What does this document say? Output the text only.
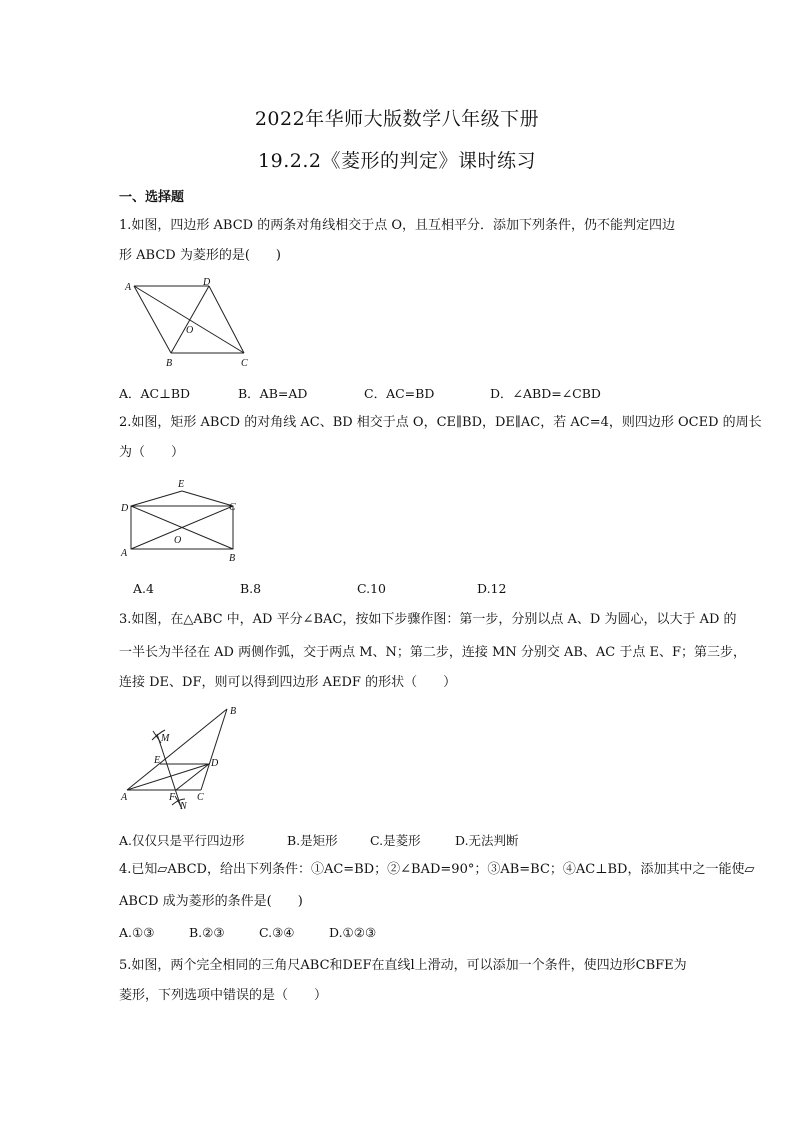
2022年华师大版数学八年级下册
19.2.2《菱形的判定》课时练习
一、选择题
1.如图，四边形 ABCD 的两条对角线相交于点 O，且互相平分．添加下列条件，仍不能判定四边
形 ABCD 为菱形的是(　　)
A	D
O
B	C
A．AC⊥BD	B．AB=AD	C．AC=BD	D．∠ABD=∠CBD
2.如图，矩形 ABCD 的对角线 AC、BD 相交于点 O，CE∥BD，DE∥AC，若 AC=4，则四边形 OCED 的周长
为（　　）
E
D	C
O
A	B
A.4	B.8	C.10	D.12
3.如图，在△ABC 中，AD 平分∠BAC，按如下步骤作图：第一步，分别以点 A、D 为圆心，以大于 AD 的
一半长为半径在 AD 两侧作弧，交于两点 M、N；第二步，连接 MN 分别交 AB、AC 于点 E、F；第三步，
连接 DE、DF，则可以得到四边形 AEDF 的形状（　　）
B
M
E	D
A	F C
N
A.仅仅只是平行四边形	B.是矩形	C.是菱形	D.无法判断
4.已知▱ABCD，给出下列条件：①AC=BD；②∠BAD=90°；③AB=BC；④AC⊥BD，添加其中之一能使▱
ABCD 成为菱形的条件是(　　)
A.①③	B.②③	C.③④	D.①②③
5.如图，两个完全相同的三角尺ABC和DEF在直线l上滑动，可以添加一个条件，使四边形CBFE为
菱形，下列选项中错误的是（　　）
